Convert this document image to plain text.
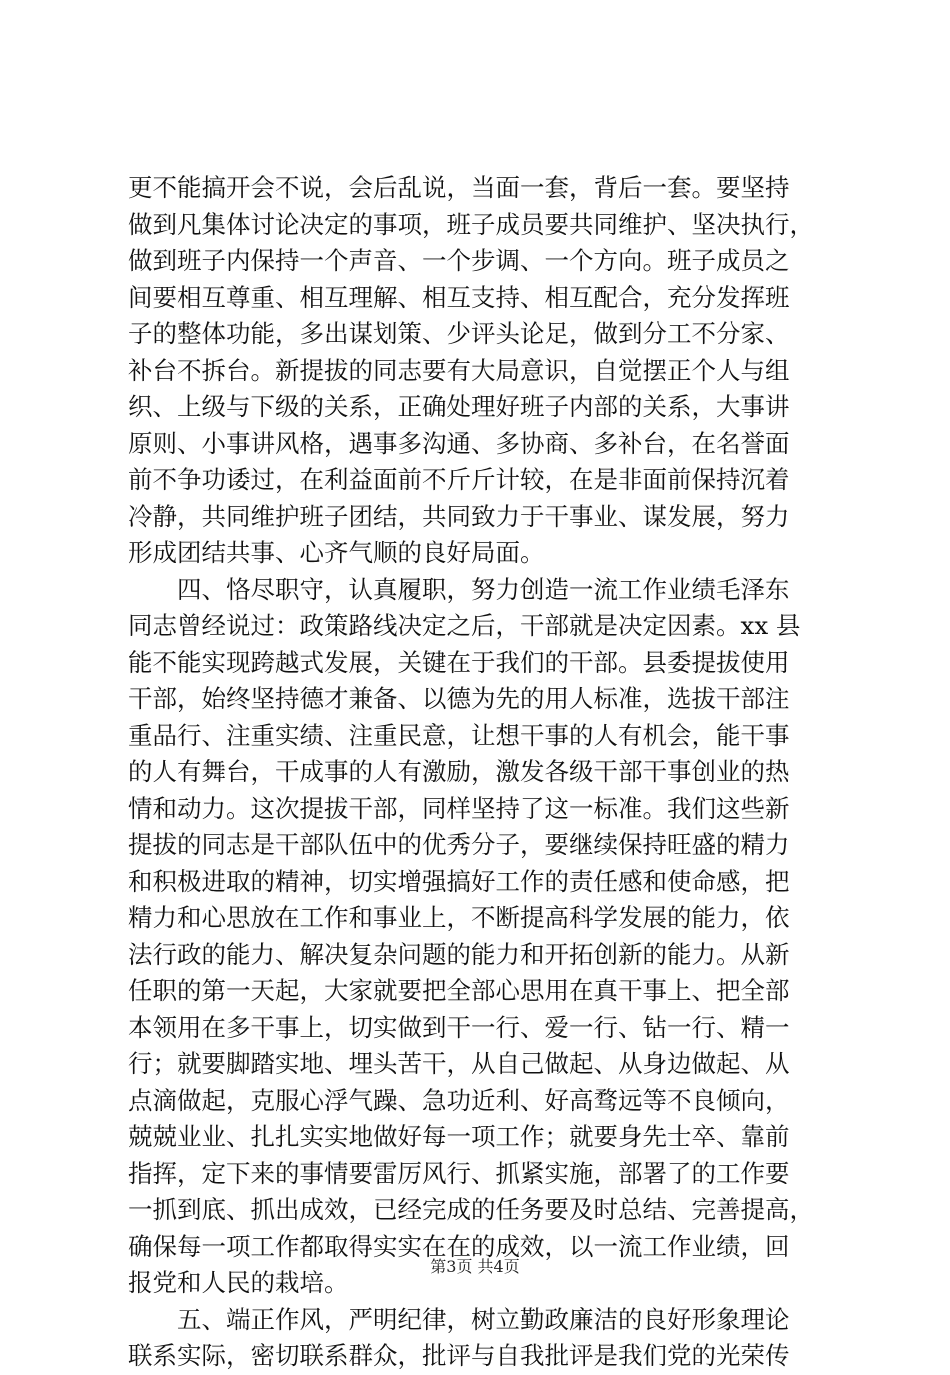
更不能搞开会不说，会后乱说，当面一套，背后一套。要坚持
做到凡集体讨论决定的事项，班子成员要共同维护、坚决执行，
做到班子内保持一个声音、一个步调、一个方向。班子成员之
间要相互尊重、相互理解、相互支持、相互配合，充分发挥班
子的整体功能，多出谋划策、少评头论足，做到分工不分家、
补台不拆台。新提拔的同志要有大局意识，自觉摆正个人与组
织、上级与下级的关系，正确处理好班子内部的关系，大事讲
原则、小事讲风格，遇事多沟通、多协商、多补台，在名誉面
前不争功诿过，在利益面前不斤斤计较，在是非面前保持沉着
冷静，共同维护班子团结，共同致力于干事业、谋发展，努力
形成团结共事、心齐气顺的良好局面。
　　四、恪尽职守，认真履职，努力创造一流工作业绩毛泽东
同志曾经说过：政策路线决定之后，干部就是决定因素。xx 县
能不能实现跨越式发展，关键在于我们的干部。县委提拔使用
干部，始终坚持德才兼备、以德为先的用人标准，选拔干部注
重品行、注重实绩、注重民意，让想干事的人有机会，能干事
的人有舞台，干成事的人有激励，激发各级干部干事创业的热
情和动力。这次提拔干部，同样坚持了这一标准。我们这些新
提拔的同志是干部队伍中的优秀分子，要继续保持旺盛的精力
和积极进取的精神，切实增强搞好工作的责任感和使命感，把
精力和心思放在工作和事业上，不断提高科学发展的能力，依
法行政的能力、解决复杂问题的能力和开拓创新的能力。从新
任职的第一天起，大家就要把全部心思用在真干事上、把全部
本领用在多干事上，切实做到干一行、爱一行、钻一行、精一
行；就要脚踏实地、埋头苦干，从自己做起、从身边做起、从
点滴做起，克服心浮气躁、急功近利、好高骛远等不良倾向，
兢兢业业、扎扎实实地做好每一项工作；就要身先士卒、靠前
指挥，定下来的事情要雷厉风行、抓紧实施，部署了的工作要
一抓到底、抓出成效，已经完成的任务要及时总结、完善提高，
确保每一项工作都取得实实在在的成效，以一流工作业绩，回
报党和人民的栽培。
　　五、端正作风，严明纪律，树立勤政廉洁的良好形象理论
联系实际，密切联系群众，批评与自我批评是我们党的光荣传
第3页 共4页
